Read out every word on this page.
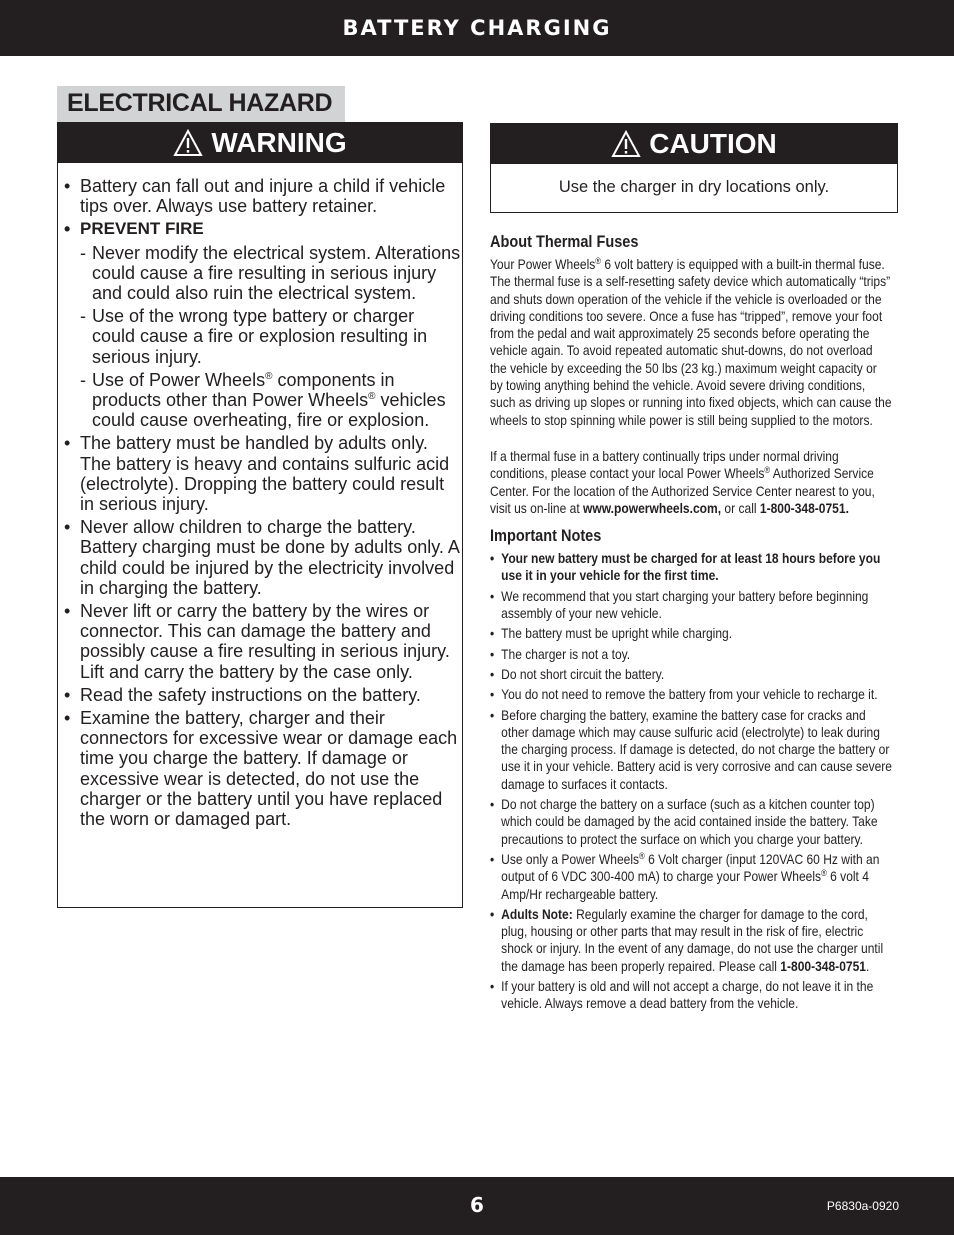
BATTERY CHARGING
ELECTRICAL HAZARD
WARNING
• Battery can fall out and injure a child if vehicle tips over. Always use battery retainer.
• PREVENT FIRE
- Never modify the electrical system. Alterations could cause a fire resulting in serious injury and could also ruin the electrical system.
- Use of the wrong type battery or charger could cause a fire or explosion resulting in serious injury.
- Use of Power Wheels® components in products other than Power Wheels® vehicles could cause overheating, fire or explosion.
• The battery must be handled by adults only. The battery is heavy and contains sulfuric acid (electrolyte). Dropping the battery could result in serious injury.
• Never allow children to charge the battery. Battery charging must be done by adults only. A child could be injured by the electricity involved in charging the battery.
• Never lift or carry the battery by the wires or connector. This can damage the battery and possibly cause a fire resulting in serious injury. Lift and carry the battery by the case only.
• Read the safety instructions on the battery.
• Examine the battery, charger and their connectors for excessive wear or damage each time you charge the battery. If damage or excessive wear is detected, do not use the charger or the battery until you have replaced the worn or damaged part.
CAUTION
Use the charger in dry locations only.
About Thermal Fuses

Your Power Wheels® 6 volt battery is equipped with a built-in thermal fuse. The thermal fuse is a self-resetting safety device which automatically “trips” and shuts down operation of the vehicle if the vehicle is overloaded or the driving conditions too severe. Once a fuse has “tripped”, remove your foot from the pedal and wait approximately 25 seconds before operating the vehicle again. To avoid repeated automatic shut-downs, do not overload the vehicle by exceeding the 50 lbs (23 kg.) maximum weight capacity or by towing anything behind the vehicle. Avoid severe driving conditions, such as driving up slopes or running into fixed objects, which can cause the wheels to stop spinning while power is still being supplied to the motors.

If a thermal fuse in a battery continually trips under normal driving conditions, please contact your local Power Wheels® Authorized Service Center. For the location of the Authorized Service Center nearest to you, visit us on-line at www.powerwheels.com, or call 1-800-348-0751.

Important Notes
• Your new battery must be charged for at least 18 hours before you use it in your vehicle for the first time.
• We recommend that you start charging your battery before beginning assembly of your new vehicle.
• The battery must be upright while charging.
• The charger is not a toy.
• Do not short circuit the battery.
• You do not need to remove the battery from your vehicle to recharge it.
• Before charging the battery, examine the battery case for cracks and other damage which may cause sulfuric acid (electrolyte) to leak during the charging process. If damage is detected, do not charge the battery or use it in your vehicle. Battery acid is very corrosive and can cause severe damage to surfaces it contacts.
• Do not charge the battery on a surface (such as a kitchen counter top) which could be damaged by the acid contained inside the battery. Take precautions to protect the surface on which you charge your battery.
• Use only a Power Wheels® 6 Volt charger (input 120VAC 60 Hz with an output of 6 VDC 300-400 mA) to charge your Power Wheels® 6 volt 4 Amp/Hr rechargeable battery.
• Adults Note: Regularly examine the charger for damage to the cord, plug, housing or other parts that may result in the risk of fire, electric shock or injury. In the event of any damage, do not use the charger until the damage has been properly repaired. Please call 1-800-348-0751.
• If your battery is old and will not accept a charge, do not leave it in the vehicle. Always remove a dead battery from the vehicle.
6	P6830a-0920
